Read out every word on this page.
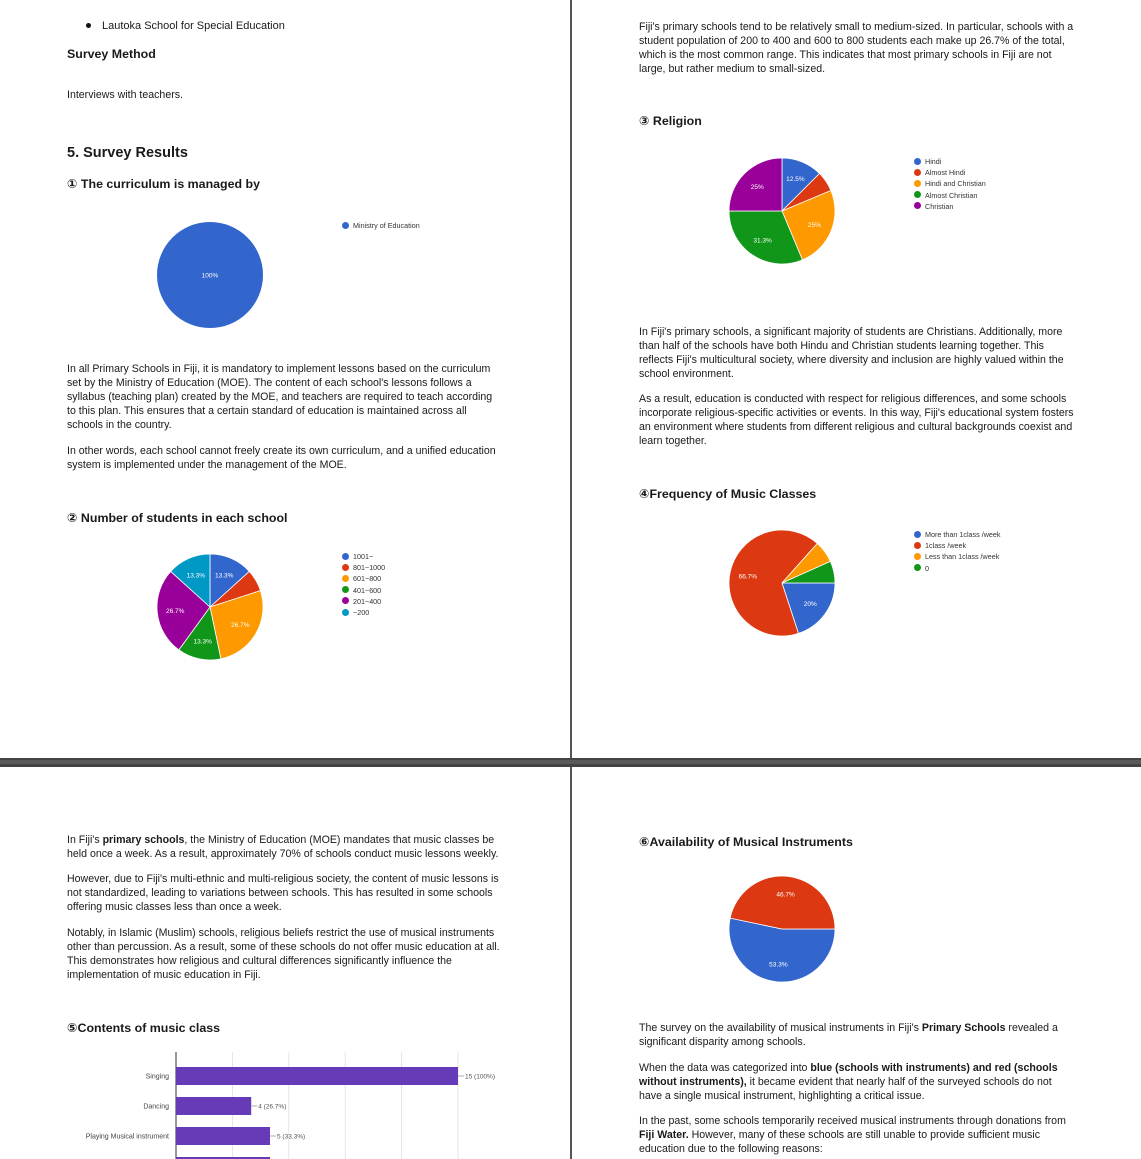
Lautoka School for Special Education
Survey Method
Interviews with teachers.
5. Survey Results
① The curriculum is managed by
100%
Ministry of Education
In all Primary Schools in Fiji, it is mandatory to implement lessons based on the curriculum
set by the Ministry of Education (MOE). The content of each school's lessons follows a
syllabus (teaching plan) created by the MOE, and teachers are required to teach according
to this plan. This ensures that a certain standard of education is maintained across all
schools in the country.
In other words, each school cannot freely create its own curriculum, and a unified education
system is implemented under the management of the MOE.
② Number of students in each school
13.3%
26.7%
13.3%
26.7%
13.3%
1001~
801~1000
601~800
401~600
201~400
~200
Fiji's primary schools tend to be relatively small to medium-sized. In particular, schools with a
student population of 200 to 400 and 600 to 800 students each make up 26.7% of the total,
which is the most common range. This indicates that most primary schools in Fiji are not
large, but rather medium to small-sized.
③ Religion
12.5%
25%
31.3%
25%
Hindi
Almost Hindi
Hindi and Christian
Almost Christian
Christian
In Fiji's primary schools, a significant majority of students are Christians. Additionally, more
than half of the schools have both Hindu and Christian students learning together. This
reflects Fiji's multicultural society, where diversity and inclusion are highly valued within the
school environment.
As a result, education is conducted with respect for religious differences, and some schools
incorporate religious-specific activities or events. In this way, Fiji's educational system fosters
an environment where students from different religious and cultural backgrounds coexist and
learn together.
④Frequency of Music Classes
20%
66.7%
More than 1class /week
1class /week
Less than 1class /week
0
In Fiji's primary schools, the Ministry of Education (MOE) mandates that music classes be
held once a week. As a result, approximately 70% of schools conduct music lessons weekly.
However, due to Fiji's multi-ethnic and multi-religious society, the content of music lessons is
not standardized, leading to variations between schools. This has resulted in some schools
offering music classes less than once a week.
Notably, in Islamic (Muslim) schools, religious beliefs restrict the use of musical instruments
other than percussion. As a result, some of these schools do not offer music education at all.
This demonstrates how religious and cultural differences significantly influence the
implementation of music education in Fiji.
⑤Contents of music class
Singing	15 (100%)
Dancing	4 (26.7%)
Playing Musical instrument	5 (33.3%)
⑥Availability of Musical Instruments
53.3%
46.7%
The survey on the availability of musical instruments in Fiji's Primary Schools revealed a
significant disparity among schools.
When the data was categorized into blue (schools with instruments) and red (schools
without instruments), it became evident that nearly half of the surveyed schools do not
have a single musical instrument, highlighting a critical issue.
In the past, some schools temporarily received musical instruments through donations from
Fiji Water. However, many of these schools are still unable to provide sufficient music
education due to the following reasons:
